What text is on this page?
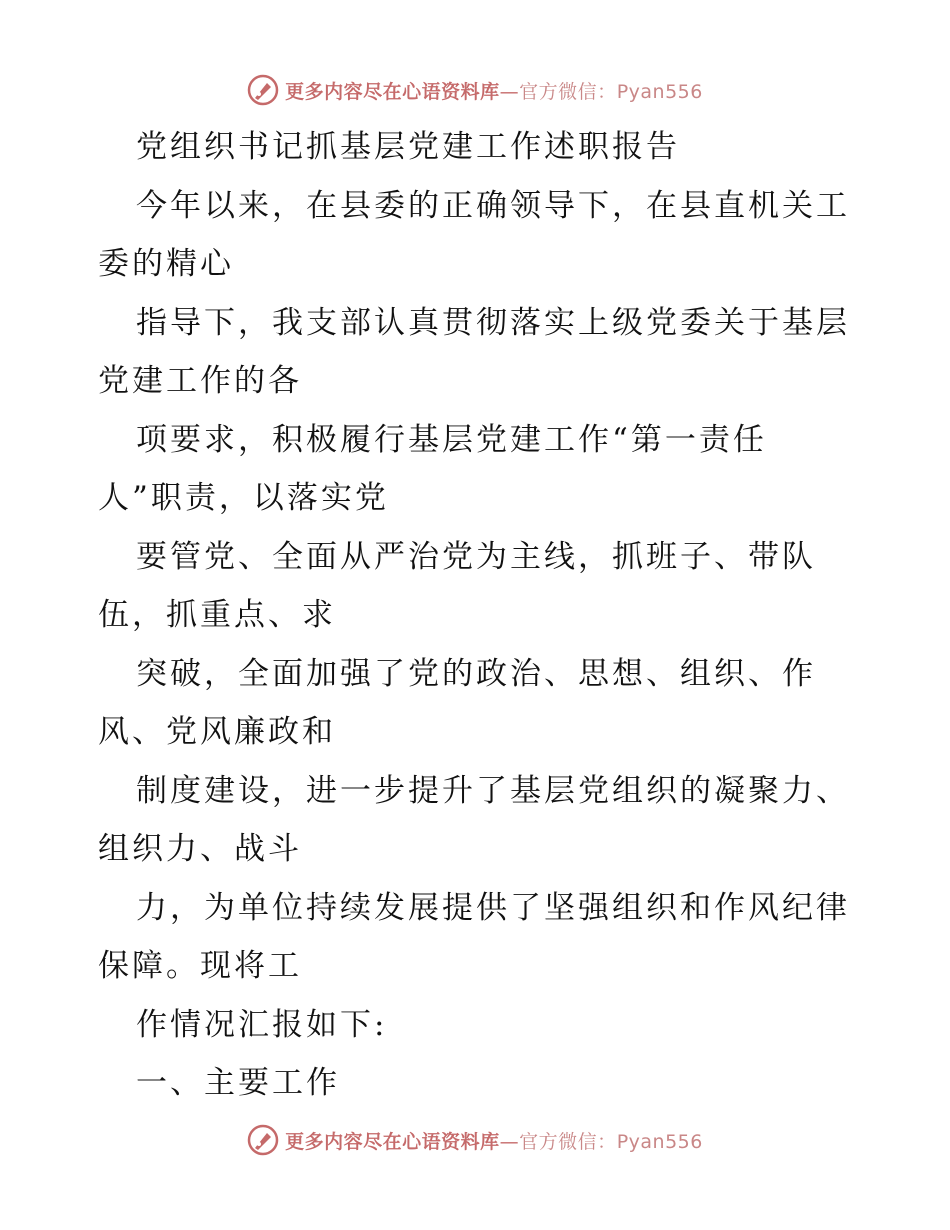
更多内容尽在心语资料库—官方微信：Pyan556
党组织书记抓基层党建工作述职报告
今年以来，在县委的正确领导下，在县直机关工
委的精心
指导下，我支部认真贯彻落实上级党委关于基层
党建工作的各
项要求，积极履行基层党建工作“第一责任
人”职责，以落实党
要管党、全面从严治党为主线，抓班子、带队
伍，抓重点、求
突破，全面加强了党的政治、思想、组织、作
风、党风廉政和
制度建设，进一步提升了基层党组织的凝聚力、
组织力、战斗
力，为单位持续发展提供了坚强组织和作风纪律
保障。现将工
作情况汇报如下:
一、主要工作
更多内容尽在心语资料库—官方微信：Pyan556
